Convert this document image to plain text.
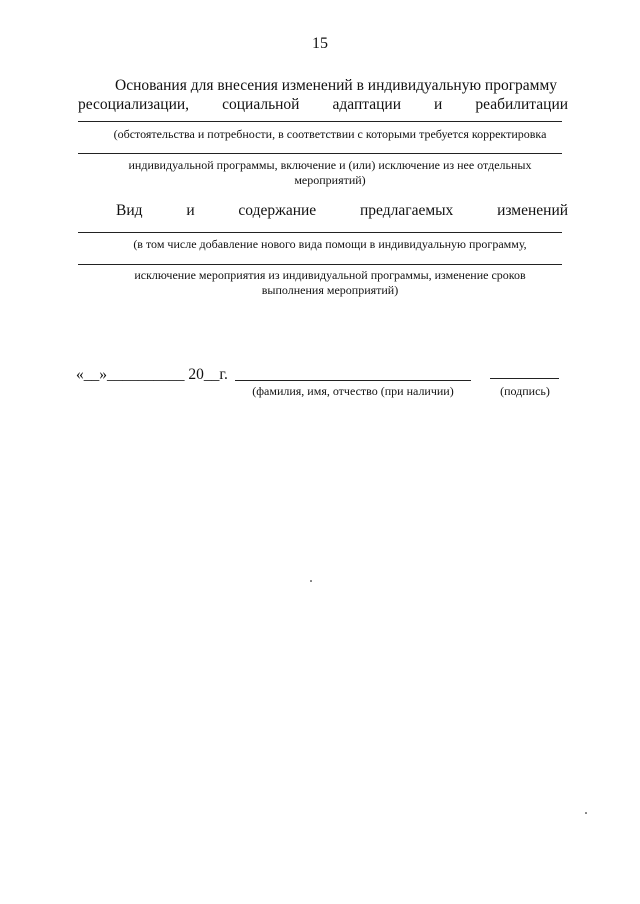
15
Основания для внесения изменений в индивидуальную программу
ресоциализации, социальной адаптации и реабилитации
(обстоятельства и потребности, в соответствии с которыми требуется корректировка
индивидуальной программы, включение и (или) исключение из нее отдельных
мероприятий)
Вид	и	содержание	предлагаемых	изменений
(в том числе добавление нового вида помощи в индивидуальную программу,
исключение мероприятия из индивидуальной программы, изменение сроков
выполнения мероприятий)
«__»__________ 20__г.
(фамилия, имя, отчество (при наличии)	(подпись)
